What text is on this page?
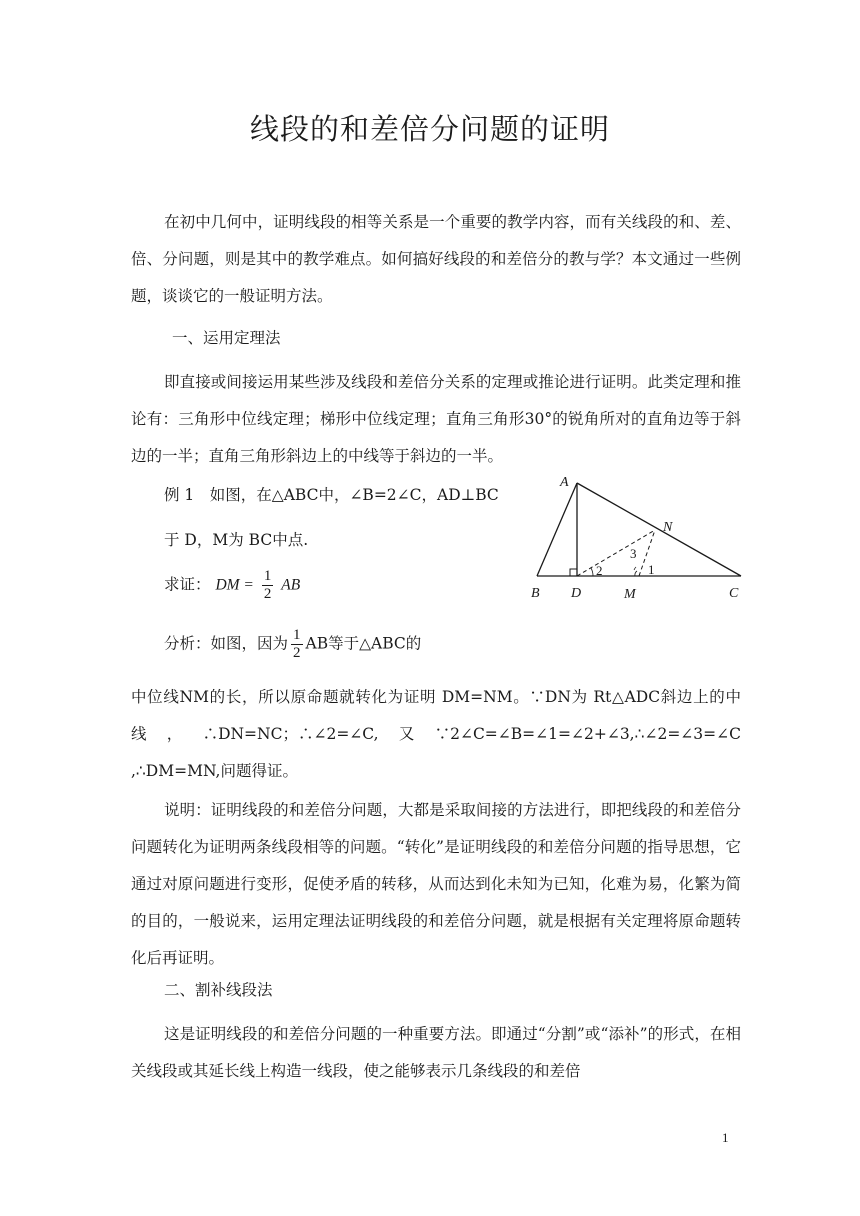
线段的和差倍分问题的证明

在初中几何中，证明线段的相等关系是一个重要的教学内容，而有关线段的和、差、倍、分问题，则是其中的教学难点。如何搞好线段的和差倍分的教与学？本文通过一些例题，谈谈它的一般证明方法。

一、运用定理法

即直接或间接运用某些涉及线段和差倍分关系的定理或推论进行证明。此类定理和推论有：三角形中位线定理；梯形中位线定理；直角三角形30°的锐角所对的直角边等于斜边的一半；直角三角形斜边上的中线等于斜边的一半。

例 1　如图，在△ABC中，∠B=2∠C，AD⊥BC

于 D，M为 BC中点.

求证： DM = $\frac{1}{2}$ AB
分析：如图，因为 $\frac{1}{2}$ AB等于△ABC的

中位线NM的长，所以原命题就转化为证明 DM=NM。∵DN为 Rt△ADC斜边上的中线，∴DN=NC；∴∠2=∠C,又∵2∠C=∠B=∠1=∠2+∠3,∴∠2=∠3=∠C ,∴DM=MN,问题得证。

A
B	C
D	M
N
2
3
1

说明：证明线段的和差倍分问题，大都是采取间接的方法进行，即把线段的和差倍分问题转化为证明两条线段相等的问题。“转化”是证明线段的和差倍分问题的指导思想，它通过对原问题进行变形，促使矛盾的转移，从而达到化未知为已知，化难为易，化繁为简的目的，一般说来，运用定理法证明线段的和差倍分问题，就是根据有关定理将原命题转化后再证明。

二、割补线段法

这是证明线段的和差倍分问题的一种重要方法。即通过“分割”或“添补”的形式，在相关线段或其延长线上构造一线段，使之能够表示几条线段的和差倍

1
